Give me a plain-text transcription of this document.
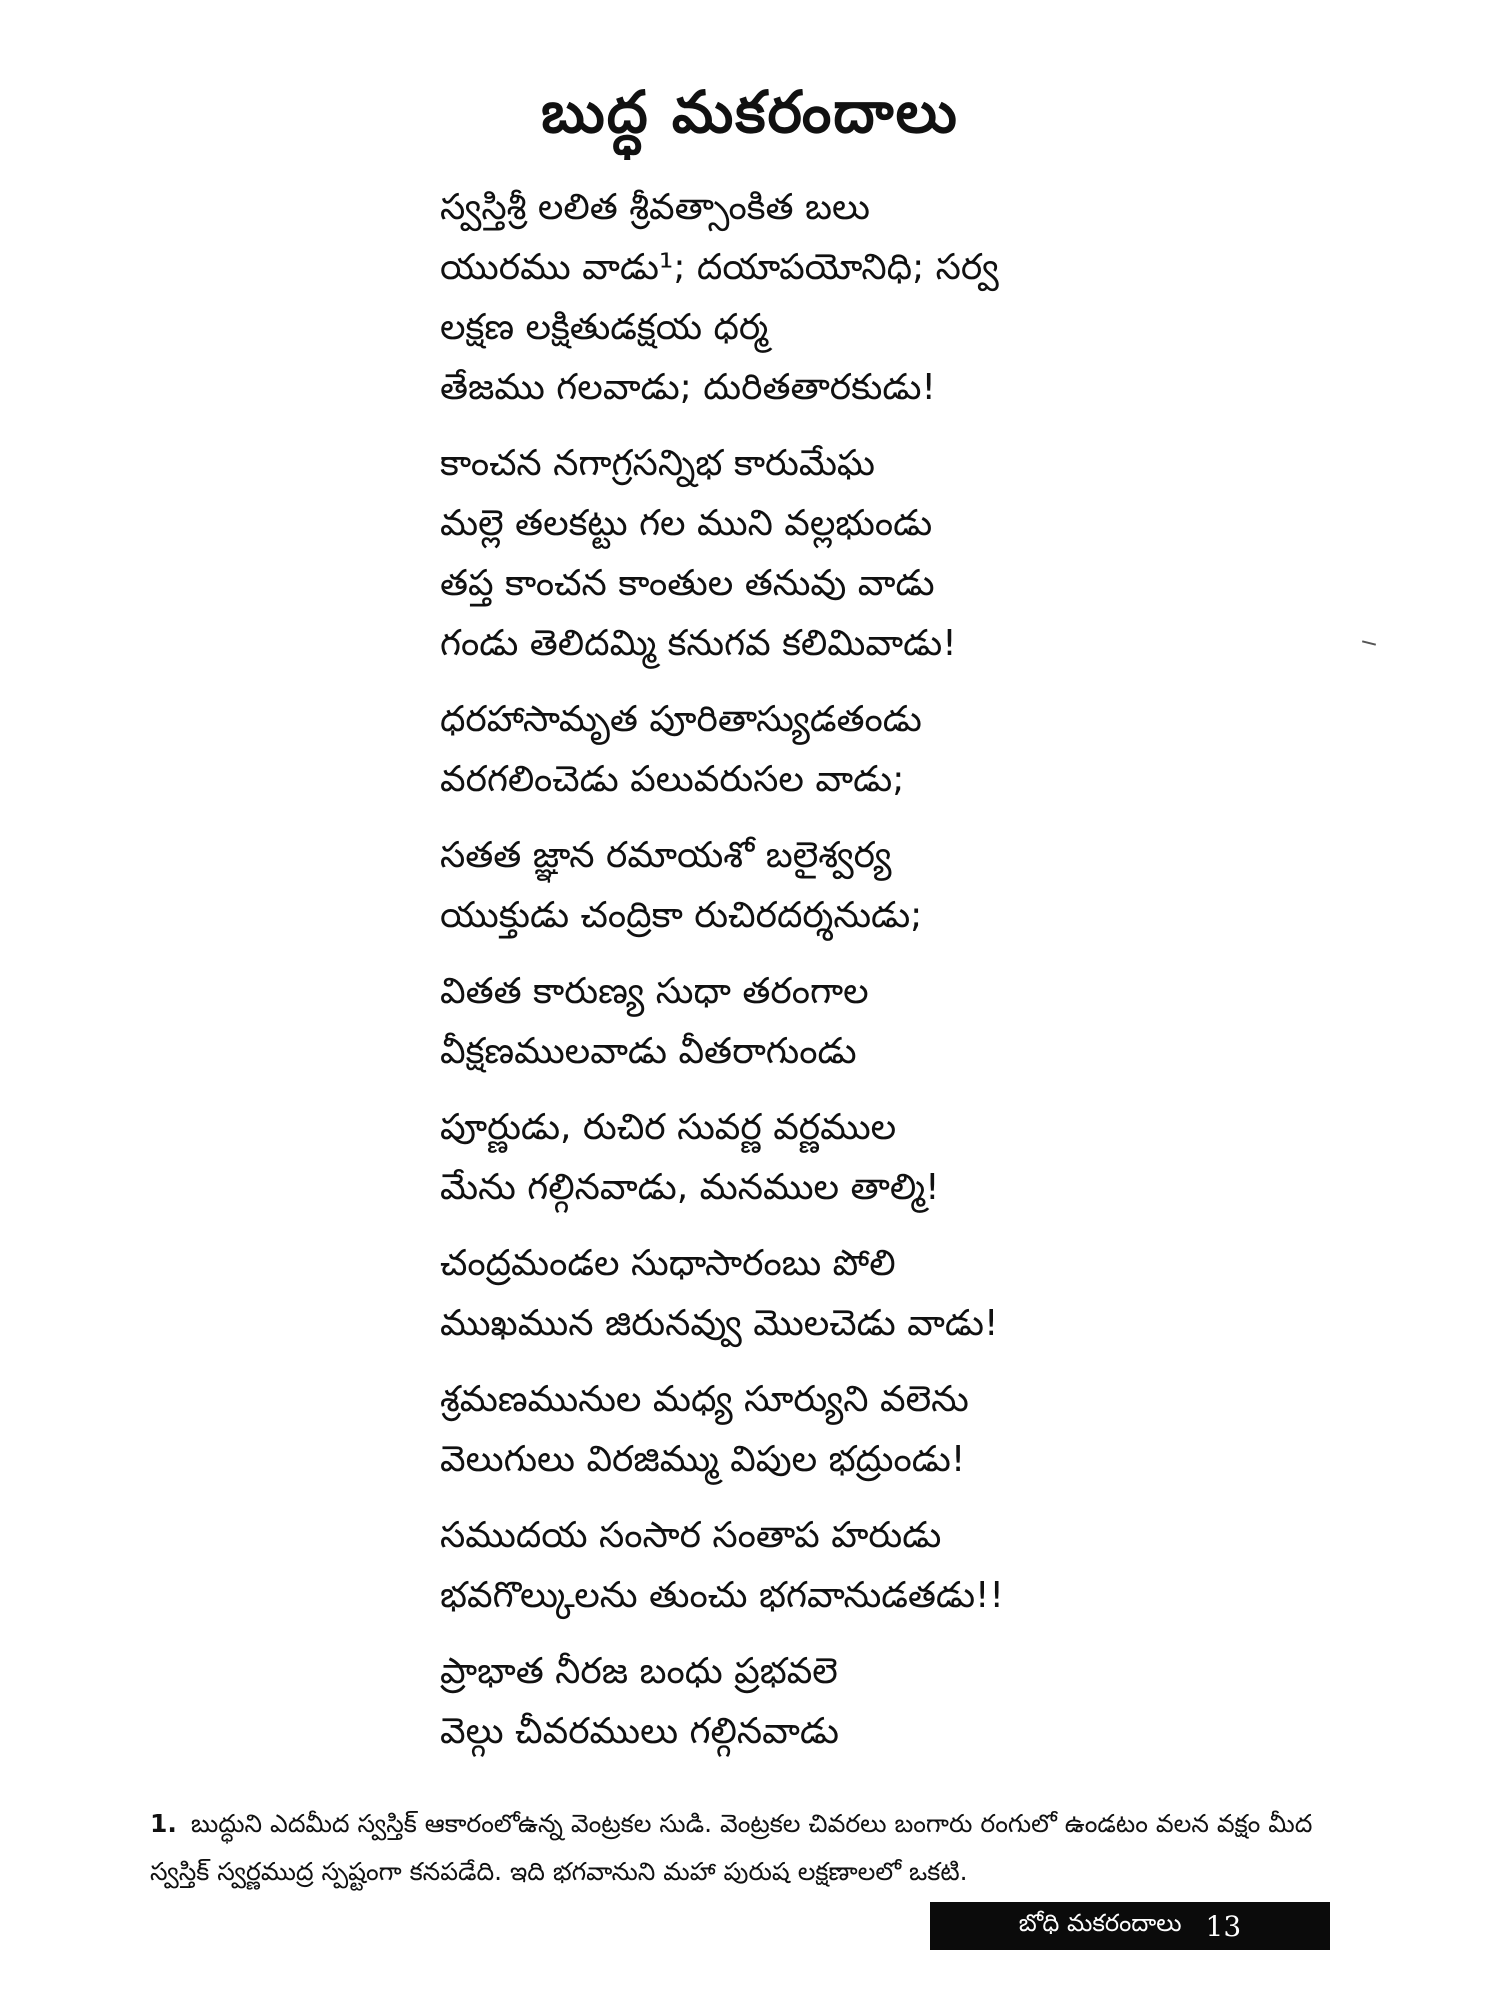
బుద్ధ మకరందాలు
స్వస్తిశ్రీ లలిత శ్రీవత్సాంకిత బలు
యురము వాడు¹; దయాపయోనిధి; సర్వ
లక్షణ లక్షితుడక్షయ ధర్మ
తేజము గలవాడు; దురితతారకుడు!
కాంచన నగాగ్రసన్నిభ కారుమేఘ
మల్లె తలకట్టు గల ముని వల్లభుండు
తప్త కాంచన కాంతుల తనువు వాడు
గండు తెలిదమ్మి కనుగవ కలిమివాడు!
ధరహాసామృత పూరితాస్యుడతండు
వరగలించెడు పలువరుసల వాడు;
సతత జ్ఞాన రమాయశో బలైశ్వర్య
యుక్తుడు చంద్రికా రుచిరదర్శనుడు;
వితత కారుణ్య సుధా తరంగాల
వీక్షణములవాడు వీతరాగుండు
పూర్ణుడు, రుచిర సువర్ణ వర్ణముల
మేను గల్గినవాడు, మనముల తాల్మి!
చంద్రమండల సుధాసారంబు పోలి
ముఖమున జిరునవ్వు మొలచెడు వాడు!
శ్రమణమునుల మధ్య సూర్యుని వలెను
వెలుగులు విరజిమ్ము విపుల భద్రుండు!
సముదయ సంసార సంతాప హరుడు
భవగొల్కులను తుంచు భగవానుడతడు!!
ప్రాభాత నీరజ బంధు ప్రభవలె
వెల్గు చీవరములు గల్గినవాడు
1. బుద్ధుని ఎదమీద స్వస్తిక్ ఆకారంలోఉన్న వెంట్రకల సుడి. వెంట్రకల చివరలు బంగారు రంగులో ఉండటం వలన వక్షం మీద స్వస్తిక్ స్వర్ణముద్ర స్పష్టంగా కనపడేది. ఇది భగవానుని మహా పురుష లక్షణాలలో ఒకటి.
బోధి మకరందాలు 13
